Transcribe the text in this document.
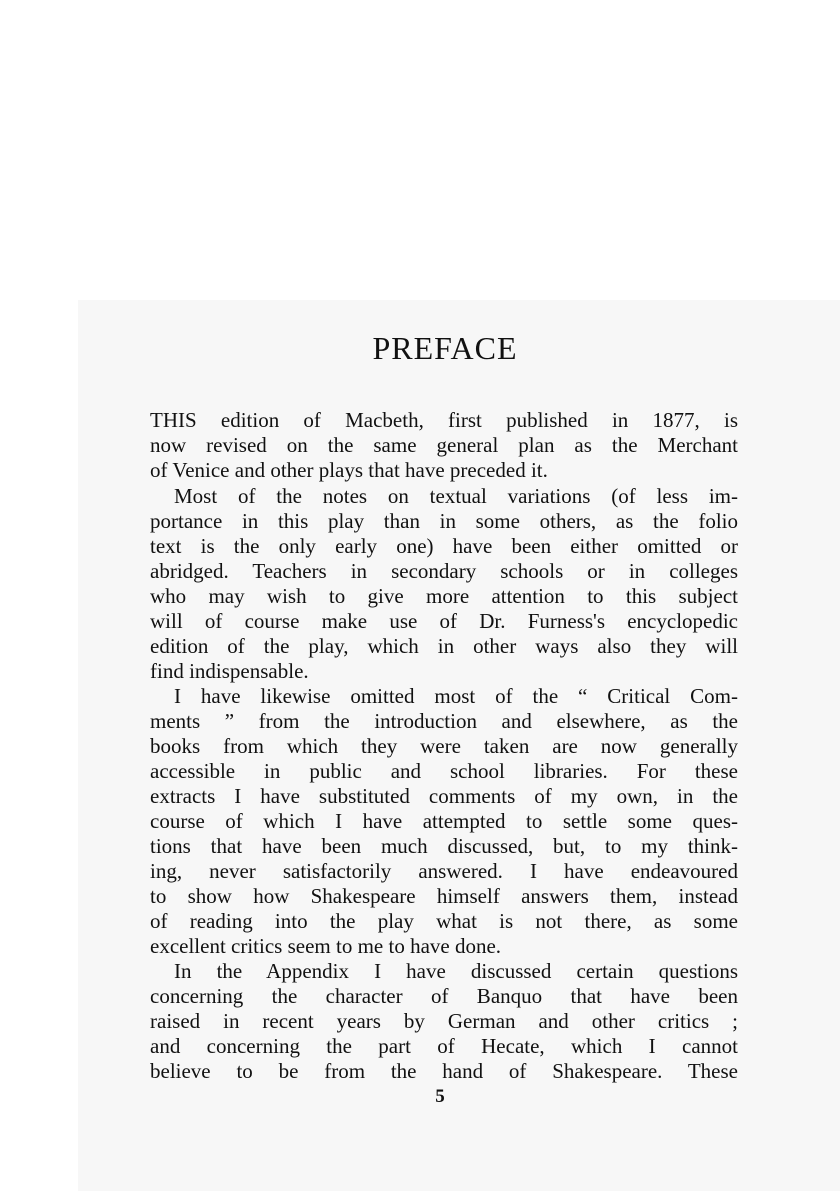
PREFACE
THIS edition of Macbeth, first published in 1877, is
now revised on the same general plan as the Merchant
of Venice and other plays that have preceded it.
Most of the notes on textual variations (of less im-
portance in this play than in some others, as the folio
text is the only early one) have been either omitted or
abridged. Teachers in secondary schools or in colleges
who may wish to give more attention to this subject
will of course make use of Dr. Furness's encyclopedic
edition of the play, which in other ways also they will
find indispensable.
I have likewise omitted most of the “ Critical Com-
ments ” from the introduction and elsewhere, as the
books from which they were taken are now generally
accessible in public and school libraries. For these
extracts I have substituted comments of my own, in the
course of which I have attempted to settle some ques-
tions that have been much discussed, but, to my think-
ing, never satisfactorily answered. I have endeavoured
to show how Shakespeare himself answers them, instead
of reading into the play what is not there, as some
excellent critics seem to me to have done.
In the Appendix I have discussed certain questions
concerning the character of Banquo that have been
raised in recent years by German and other critics ;
and concerning the part of Hecate, which I cannot
believe to be from the hand of Shakespeare. These
5
